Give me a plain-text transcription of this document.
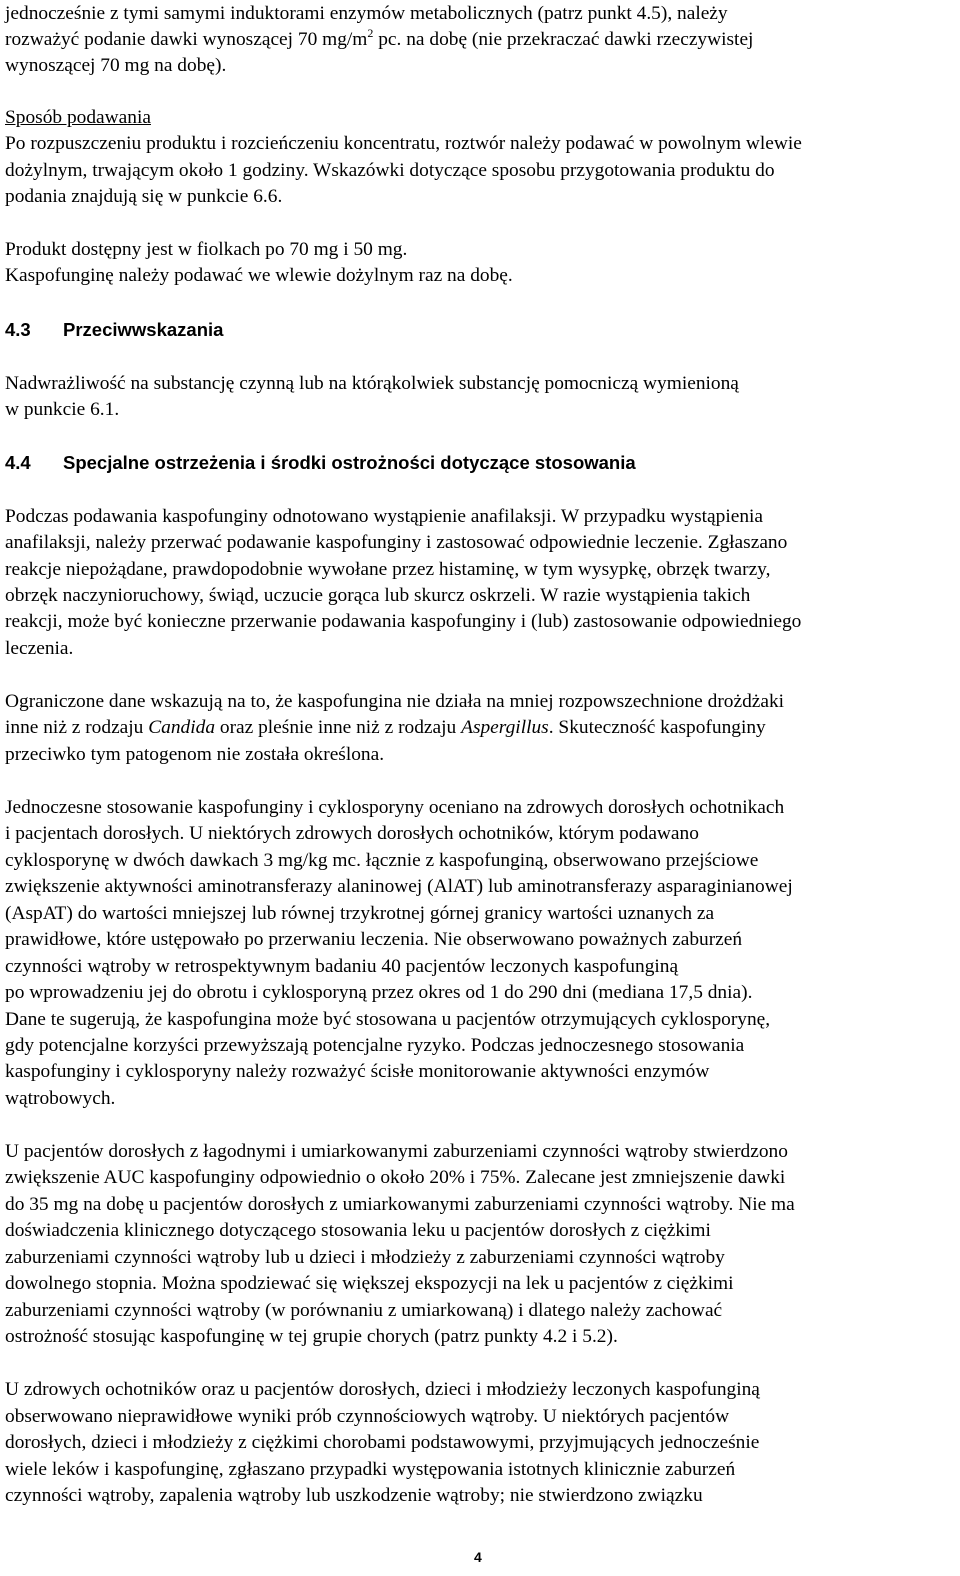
jednocześnie z tymi samymi induktorami enzymów metabolicznych (patrz punkt 4.5), należy
rozważyć podanie dawki wynoszącej 70 $mg/m^2$ pc. na dobę (nie przekraczać dawki rzeczywistej
wynoszącej 70 mg na dobę).
Sposób podawania
Po rozpuszczeniu produktu i rozcieńczeniu koncentratu, roztwór należy podawać w powolnym wlewie
dożylnym, trwającym około 1 godziny. Wskazówki dotyczące sposobu przygotowania produktu do
podania znajdują się w punkcie 6.6.
Produkt dostępny jest w fiolkach po 70 mg i 50 mg.
Kaspofunginę należy podawać we wlewie dożylnym raz na dobę.
4.3 Przeciwwskazania
Nadwrażliwość na substancję czynną lub na którąkolwiek substancję pomocniczą wymienioną
w punkcie 6.1.
4.4 Specjalne ostrzeżenia i środki ostrożności dotyczące stosowania
Podczas podawania kaspofunginy odnotowano wystąpienie anafilaksji. W przypadku wystąpienia
anafilaksji, należy przerwać podawanie kaspofunginy i zastosować odpowiednie leczenie. Zgłaszano
reakcje niepożądane, prawdopodobnie wywołane przez histaminę, w tym wysypkę, obrzęk twarzy,
obrzęk naczynioruchowy, świąd, uczucie gorąca lub skurcz oskrzeli. W razie wystąpienia takich
reakcji, może być konieczne przerwanie podawania kaspofunginy i (lub) zastosowanie odpowiedniego
leczenia.
Ograniczone dane wskazują na to, że kaspofungina nie działa na mniej rozpowszechnione drożdżaki
inne niż z rodzaju Candida oraz pleśnie inne niż z rodzaju Aspergillus. Skuteczność kaspofunginy
przeciwko tym patogenom nie została określona.
Jednoczesne stosowanie kaspofunginy i cyklosporyny oceniano na zdrowych dorosłych ochotnikach
i pacjentach dorosłych. U niektórych zdrowych dorosłych ochotników, którym podawano
cyklosporynę w dwóch dawkach 3 mg/kg mc. łącznie z kaspofunginą, obserwowano przejściowe
zwiększenie aktywności aminotransferazy alaninowej (AlAT) lub aminotransferazy asparaginianowej
(AspAT) do wartości mniejszej lub równej trzykrotnej górnej granicy wartości uznanych za
prawidłowe, które ustępowało po przerwaniu leczenia. Nie obserwowano poważnych zaburzeń
czynności wątroby w retrospektywnym badaniu 40 pacjentów leczonych kaspofunginą
po wprowadzeniu jej do obrotu i cyklosporyną przez okres od 1 do 290 dni (mediana 17,5 dnia).
Dane te sugerują, że kaspofungina może być stosowana u pacjentów otrzymujących cyklosporynę,
gdy potencjalne korzyści przewyższają potencjalne ryzyko. Podczas jednoczesnego stosowania
kaspofunginy i cyklosporyny należy rozważyć ścisłe monitorowanie aktywności enzymów
wątrobowych.
U pacjentów dorosłych z łagodnymi i umiarkowanymi zaburzeniami czynności wątroby stwierdzono
zwiększenie AUC kaspofunginy odpowiednio o około 20% i 75%. Zalecane jest zmniejszenie dawki
do 35 mg na dobę u pacjentów dorosłych z umiarkowanymi zaburzeniami czynności wątroby. Nie ma
doświadczenia klinicznego dotyczącego stosowania leku u pacjentów dorosłych z ciężkimi
zaburzeniami czynności wątroby lub u dzieci i młodzieży z zaburzeniami czynności wątroby
dowolnego stopnia. Można spodziewać się większej ekspozycji na lek u pacjentów z ciężkimi
zaburzeniami czynności wątroby (w porównaniu z umiarkowaną) i dlatego należy zachować
ostrożność stosując kaspofunginę w tej grupie chorych (patrz punkty 4.2 i 5.2).
U zdrowych ochotników oraz u pacjentów dorosłych, dzieci i młodzieży leczonych kaspofunginą
obserwowano nieprawidłowe wyniki prób czynnościowych wątroby. U niektórych pacjentów
dorosłych, dzieci i młodzieży z ciężkimi chorobami podstawowymi, przyjmujących jednocześnie
wiele leków i kaspofunginę, zgłaszano przypadki występowania istotnych klinicznie zaburzeń
czynności wątroby, zapalenia wątroby lub uszkodzenie wątroby; nie stwierdzono związku
4
